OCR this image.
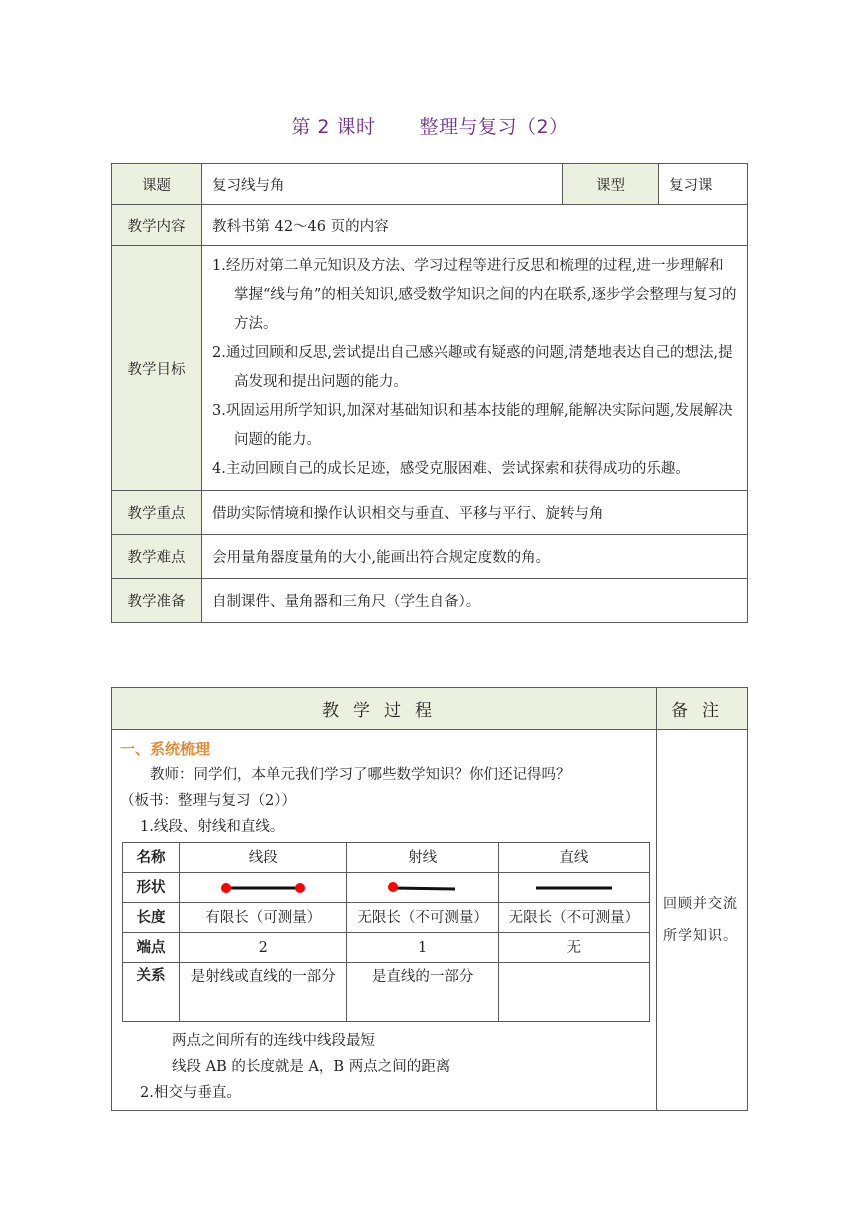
第 2 课时 整理与复习（2）
课题	复习线与角	课型	复习课
教学内容	教科书第 42～46 页的内容		
教学目标	1.经历对第二单元知识及方法、学习过程等进行反思和梳理的过程,进一步理解和掌握“线与角”的相关知识,感受数学知识之间的内在联系,逐步学会整理与复习的方法。
2.通过回顾和反思,尝试提出自己感兴趣或有疑惑的问题,清楚地表达自己的想法,提高发现和提出问题的能力。
3.巩固运用所学知识,加深对基础知识和基本技能的理解,能解决实际问题,发展解决问题的能力。
4.主动回顾自己的成长足迹，感受克服困难、尝试探索和获得成功的乐趣。		

教学重点	借助实际情境和操作认识相交与垂直、平移与平行、旋转与角		
教学难点	会用量角器度量角的大小,能画出符合规定度数的角。		
教学准备	自制课件、量角器和三角尺（学生自备）。		
教学过程	备注

一、系统梳理
教师：同学们，本单元我们学习了哪些数学知识？你们还记得吗？
（板书：整理与复习（2））
1.线段、射线和直线。
名称	线段	射线	直线
形状	

长度	有限长（可测量）	无限长（不可测量）	无限长（不可测量）
端点	2	1	无
关系	是射线或直线的一部分	是直线的一部分	
两点之间所有的连线中线段最短
线段 AB 的长度就是 A，B 两点之间的距离
2.相交与垂直。
	回顾并交流所学知识。
